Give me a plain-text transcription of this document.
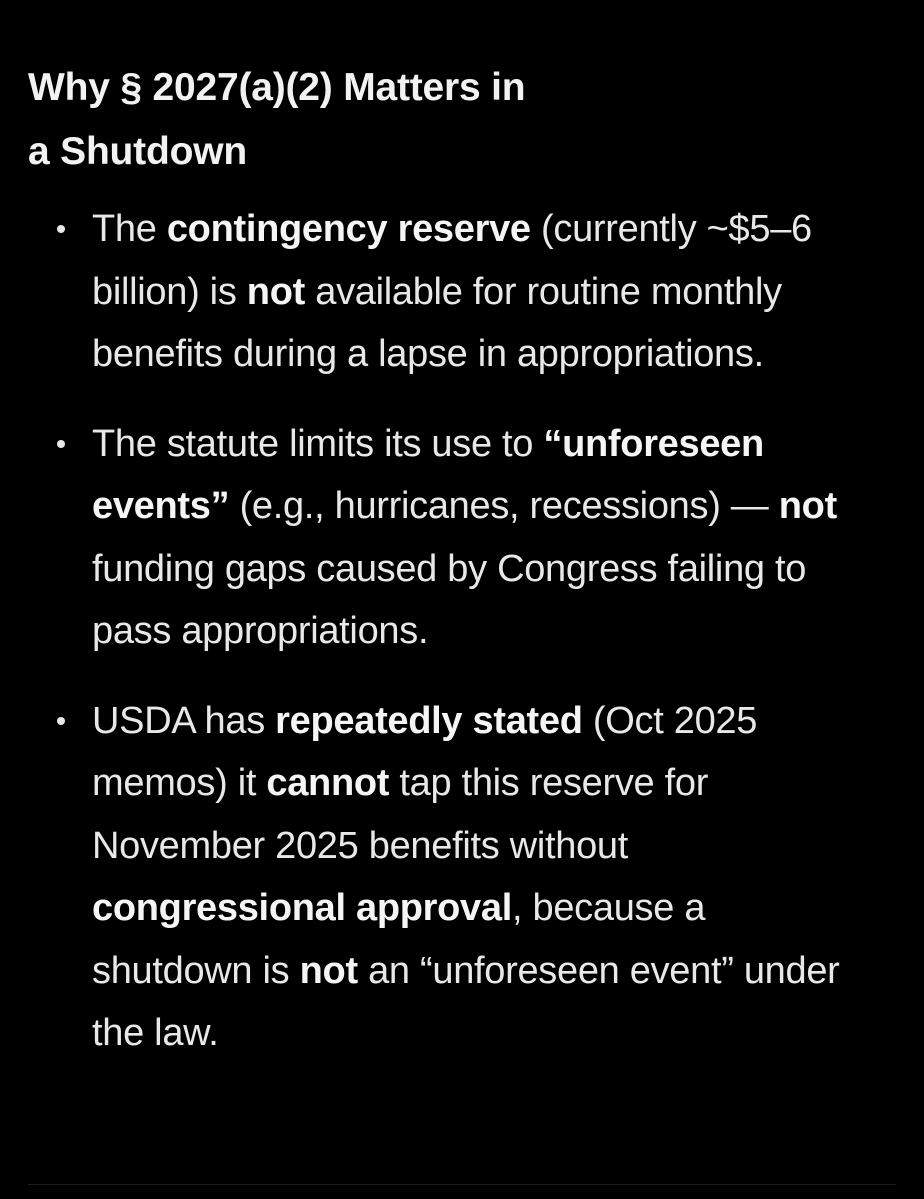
Why § 2027(a)(2) Matters in
a Shutdown
The contingency reserve (currently ~$5–6 billion) is not available for routine monthly benefits during a lapse in appropriations.
The statute limits its use to “unforeseen events” (e.g., hurricanes, recessions) — not funding gaps caused by Congress failing to pass appropriations.
USDA has repeatedly stated (Oct 2025 memos) it cannot tap this reserve for November 2025 benefits without congressional approval, because a shutdown is not an “unforeseen event” under the law.
